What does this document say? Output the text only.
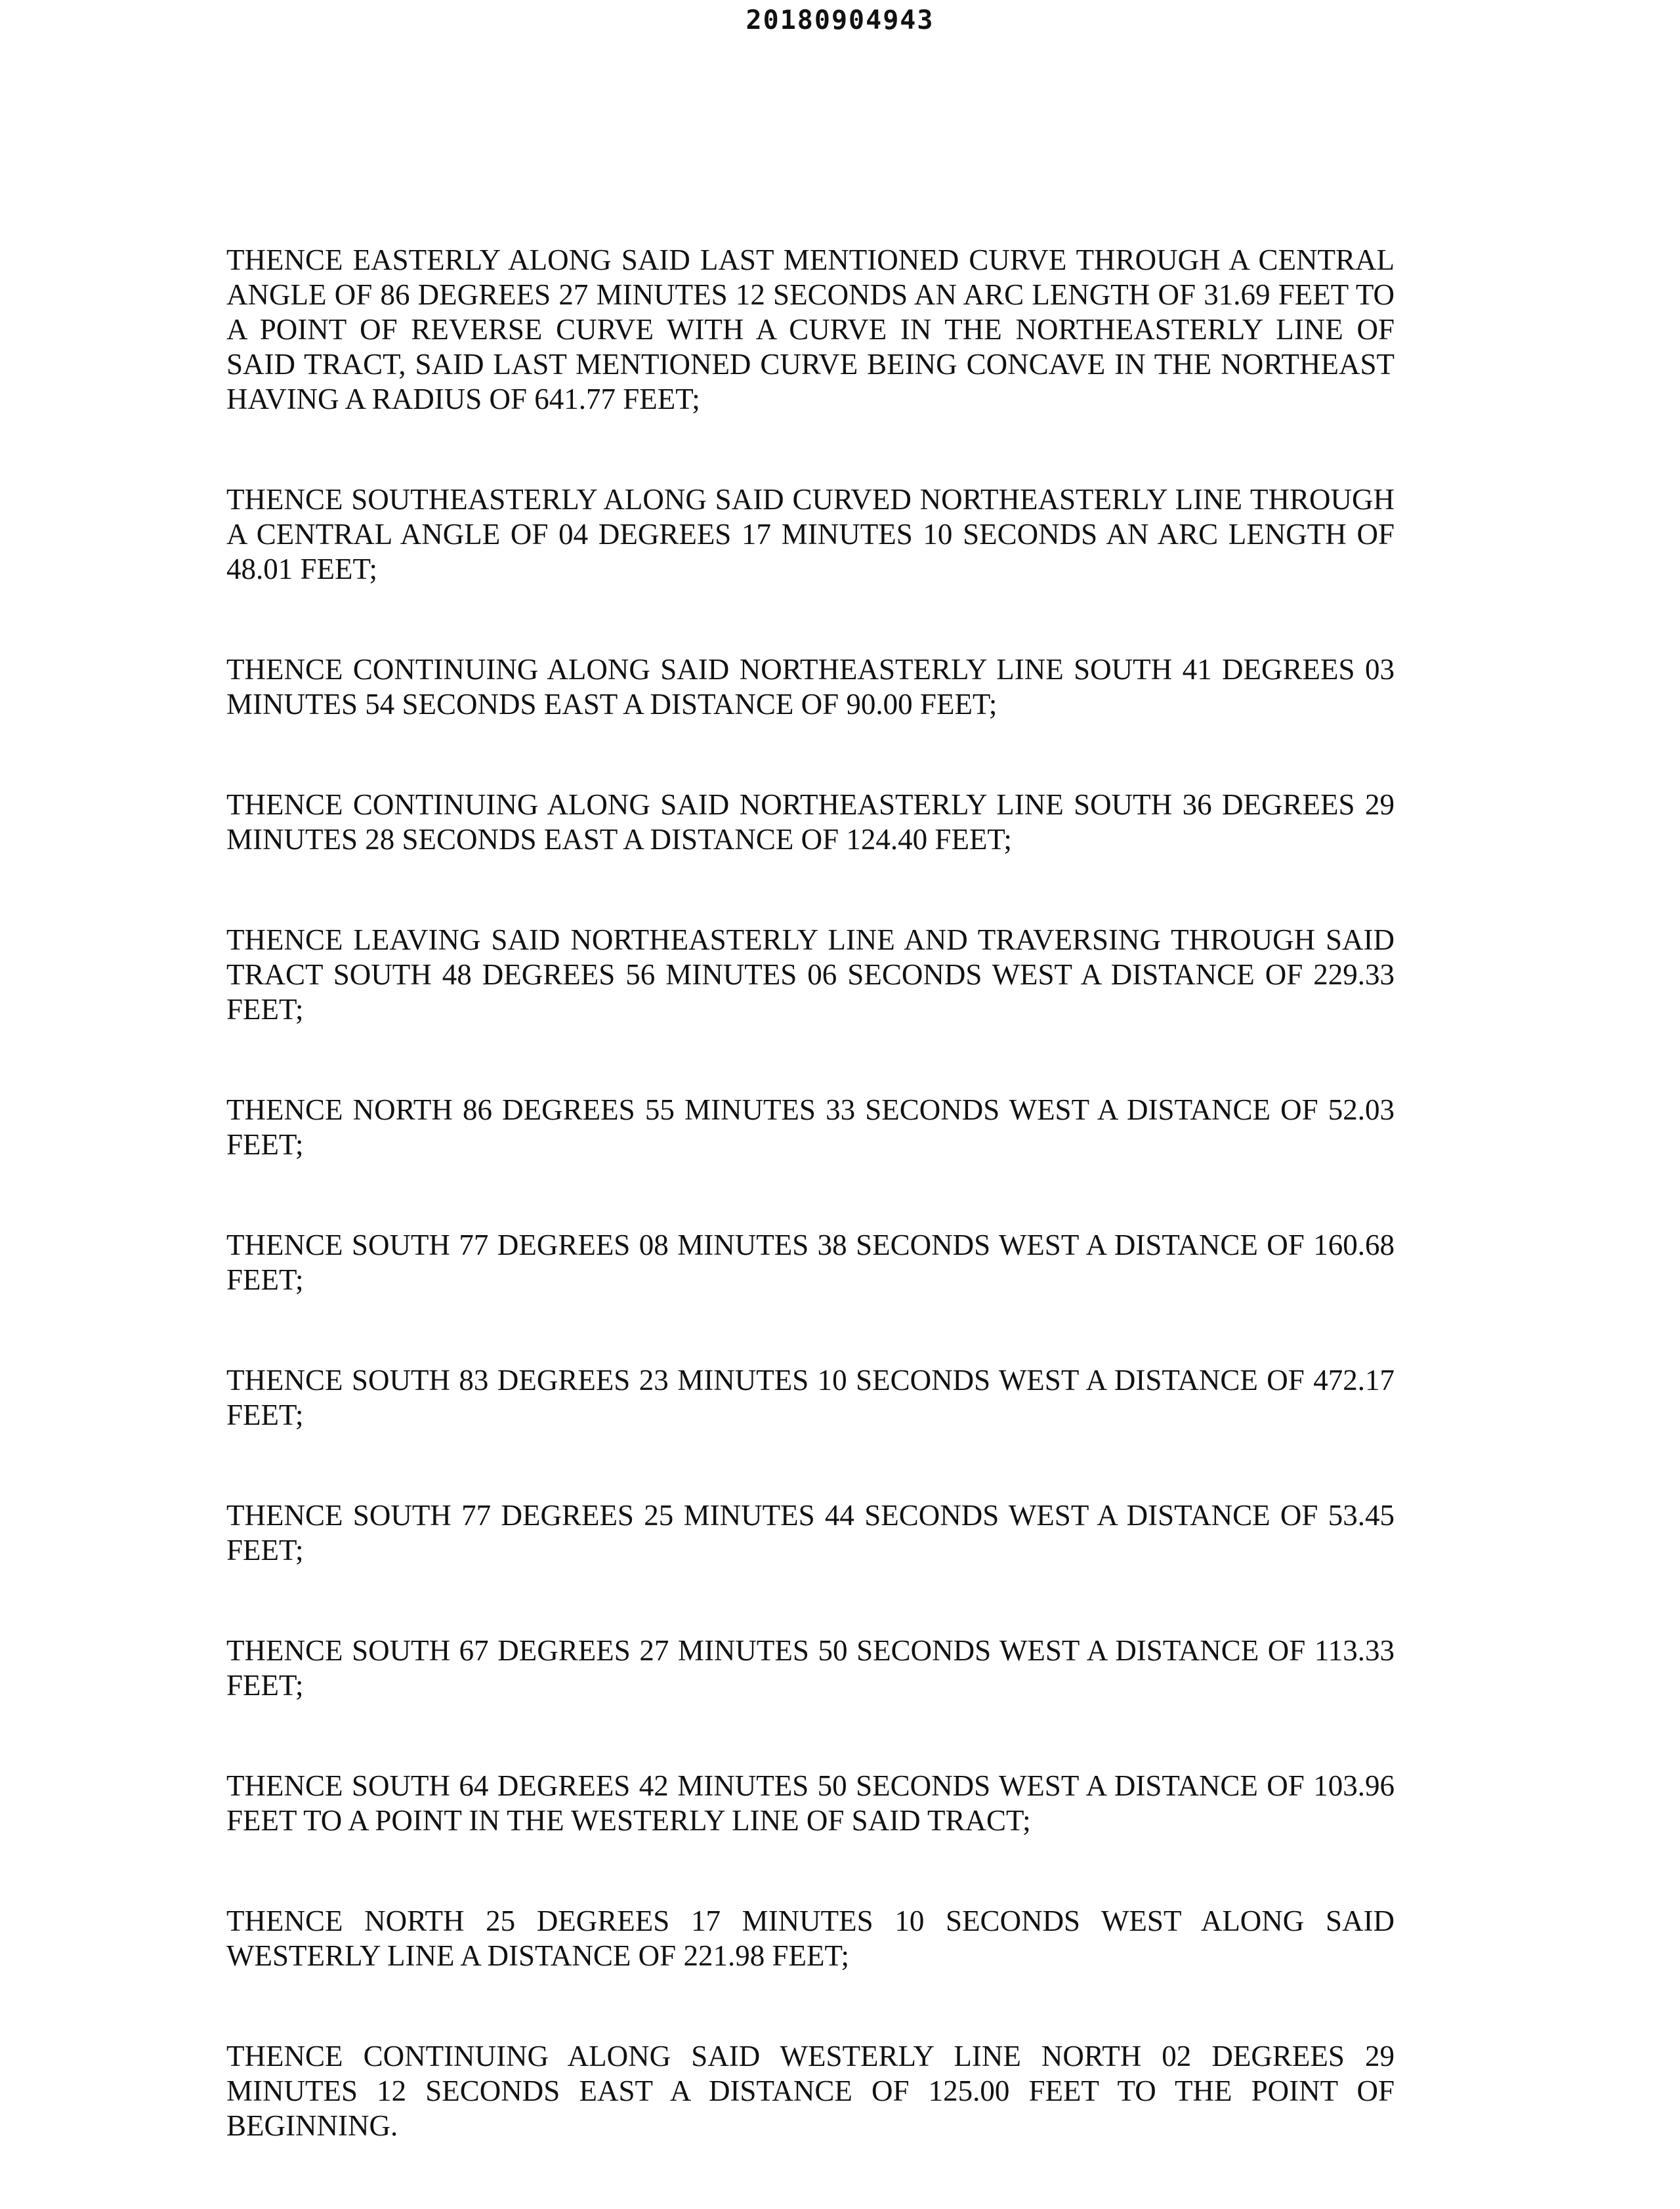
20180904943

THENCE EASTERLY ALONG SAID LAST MENTIONED CURVE THROUGH A CENTRAL ANGLE OF 86 DEGREES 27 MINUTES 12 SECONDS AN ARC LENGTH OF 31.69 FEET TO A POINT OF REVERSE CURVE WITH A CURVE IN THE NORTHEASTERLY LINE OF SAID TRACT, SAID LAST MENTIONED CURVE BEING CONCAVE IN THE NORTHEAST HAVING A RADIUS OF 641.77 FEET;

THENCE SOUTHEASTERLY ALONG SAID CURVED NORTHEASTERLY LINE THROUGH A CENTRAL ANGLE OF 04 DEGREES 17 MINUTES 10 SECONDS AN ARC LENGTH OF 48.01 FEET;

THENCE CONTINUING ALONG SAID NORTHEASTERLY LINE SOUTH 41 DEGREES 03 MINUTES 54 SECONDS EAST A DISTANCE OF 90.00 FEET;

THENCE CONTINUING ALONG SAID NORTHEASTERLY LINE SOUTH 36 DEGREES 29 MINUTES 28 SECONDS EAST A DISTANCE OF 124.40 FEET;

THENCE LEAVING SAID NORTHEASTERLY LINE AND TRAVERSING THROUGH SAID TRACT SOUTH 48 DEGREES 56 MINUTES 06 SECONDS WEST A DISTANCE OF 229.33 FEET;

THENCE NORTH 86 DEGREES 55 MINUTES 33 SECONDS WEST A DISTANCE OF 52.03 FEET;

THENCE SOUTH 77 DEGREES 08 MINUTES 38 SECONDS WEST A DISTANCE OF 160.68 FEET;

THENCE SOUTH 83 DEGREES 23 MINUTES 10 SECONDS WEST A DISTANCE OF 472.17 FEET;

THENCE SOUTH 77 DEGREES 25 MINUTES 44 SECONDS WEST A DISTANCE OF 53.45 FEET;

THENCE SOUTH 67 DEGREES 27 MINUTES 50 SECONDS WEST A DISTANCE OF 113.33 FEET;

THENCE SOUTH 64 DEGREES 42 MINUTES 50 SECONDS WEST A DISTANCE OF 103.96 FEET TO A POINT IN THE WESTERLY LINE OF SAID TRACT;

THENCE NORTH 25 DEGREES 17 MINUTES 10 SECONDS WEST ALONG SAID WESTERLY LINE A DISTANCE OF 221.98 FEET;

THENCE CONTINUING ALONG SAID WESTERLY LINE NORTH 02 DEGREES 29 MINUTES 12 SECONDS EAST A DISTANCE OF 125.00 FEET TO THE POINT OF BEGINNING.
